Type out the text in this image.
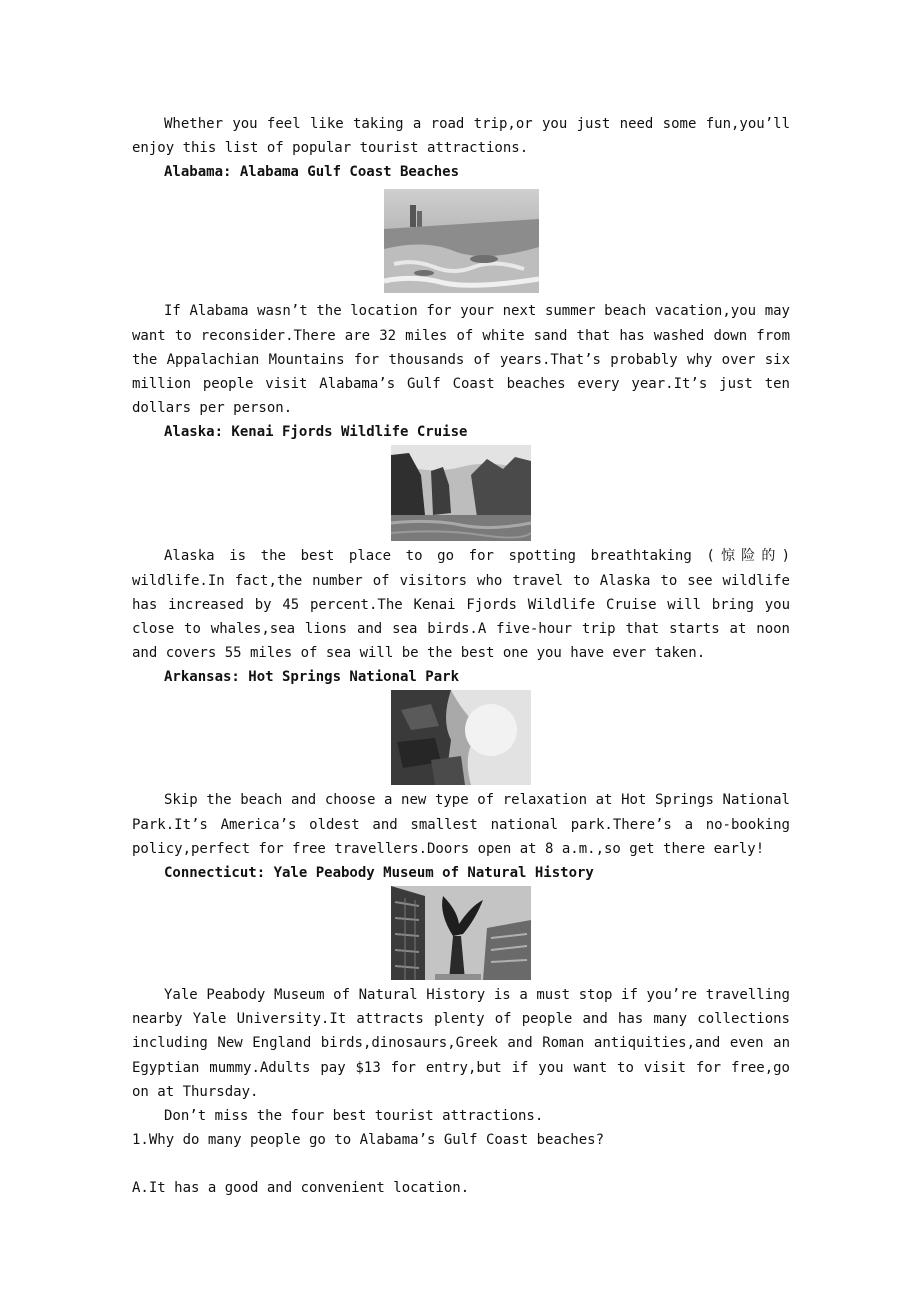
Whether you feel like taking a road trip,or you just need some fun,you’ll enjoy this list of popular tourist attractions.

Alabama: Alabama Gulf Coast Beaches

If Alabama wasn’t the location for your next summer beach vacation,you may want to reconsider.There are 32 miles of white sand that has washed down from the Appalachian Mountains for thousands of years.That’s probably why over six million people visit Alabama’s Gulf Coast beaches every year.It’s just ten dollars per person.

Alaska: Kenai Fjords Wildlife Cruise

Alaska is the best place to go for spotting breathtaking (惊险的) wildlife.In fact,the number of visitors who travel to Alaska to see wildlife has increased by 45 percent.The Kenai Fjords Wildlife Cruise will bring you close to whales,sea lions and sea birds.A five-hour trip that starts at noon and covers 55 miles of sea will be the best one you have ever taken.

Arkansas: Hot Springs National Park

Skip the beach and choose a new type of relaxation at Hot Springs National Park.It’s America’s oldest and smallest national park.There’s a no-booking policy,perfect for free travellers.Doors open at 8 a.m.,so get there early!

Connecticut: Yale Peabody Museum of Natural History

Yale Peabody Museum of Natural History is a must stop if you’re travelling nearby Yale University.It attracts plenty of people and has many collections including New England birds,dinosaurs,Greek and Roman antiquities,and even an Egyptian mummy.Adults pay $13 for entry,but if you want to visit for free,go on at Thursday.

Don’t miss the four best tourist attractions.

1.Why do many people go to Alabama’s Gulf Coast beaches?

A.It has a good and convenient location.
